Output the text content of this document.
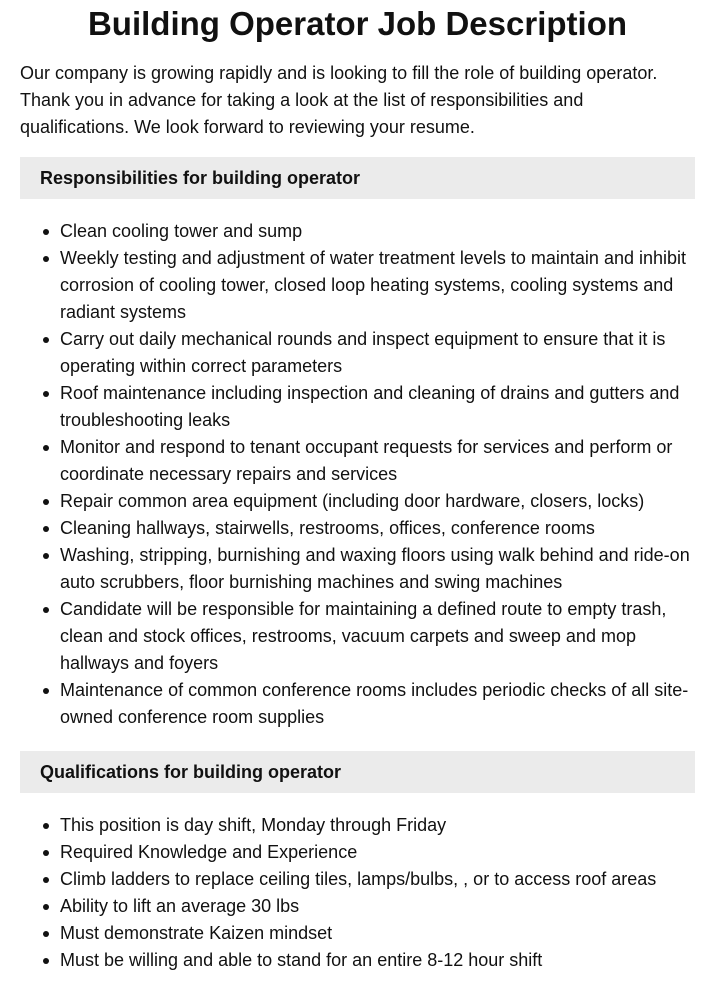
Building Operator Job Description

Our company is growing rapidly and is looking to fill the role of building operator. Thank you in advance for taking a look at the list of responsibilities and qualifications. We look forward to reviewing your resume.

Responsibilities for building operator
Clean cooling tower and sump
Weekly testing and adjustment of water treatment levels to maintain and inhibit corrosion of cooling tower, closed loop heating systems, cooling systems and radiant systems
Carry out daily mechanical rounds and inspect equipment to ensure that it is operating within correct parameters
Roof maintenance including inspection and cleaning of drains and gutters and troubleshooting leaks
Monitor and respond to tenant occupant requests for services and perform or coordinate necessary repairs and services
Repair common area equipment (including door hardware, closers, locks)
Cleaning hallways, stairwells, restrooms, offices, conference rooms
Washing, stripping, burnishing and waxing floors using walk behind and ride-on auto scrubbers, floor burnishing machines and swing machines
Candidate will be responsible for maintaining a defined route to empty trash, clean and stock offices, restrooms, vacuum carpets and sweep and mop hallways and foyers
Maintenance of common conference rooms includes periodic checks of all site-owned conference room supplies
Qualifications for building operator
This position is day shift, Monday through Friday
Required Knowledge and Experience
Climb ladders to replace ceiling tiles, lamps/bulbs, , or to access roof areas
Ability to lift an average 30 lbs
Must demonstrate Kaizen mindset
Must be willing and able to stand for an entire 8-12 hour shift
